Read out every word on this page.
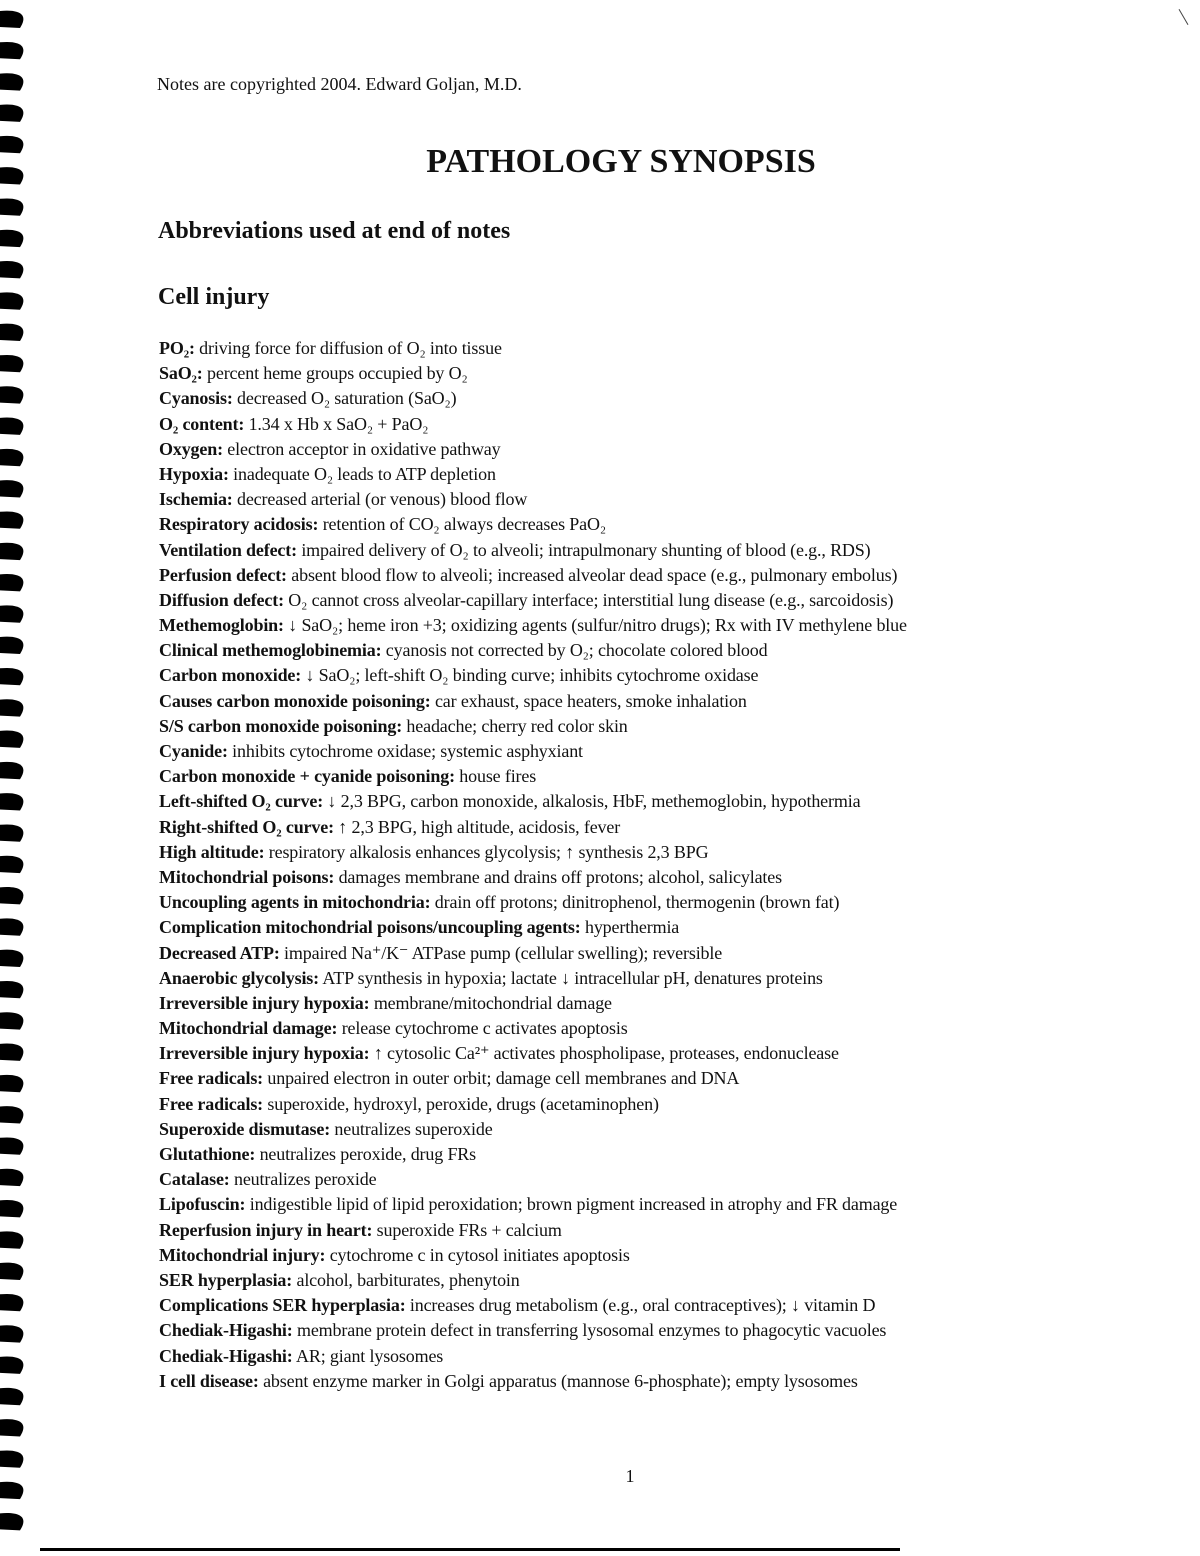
Notes are copyrighted 2004. Edward Goljan, M.D.
PATHOLOGY SYNOPSIS
Abbreviations used at end of notes
Cell injury
PO₂: driving force for diffusion of O₂ into tissue
SaO₂: percent heme groups occupied by O₂
Cyanosis: decreased O₂ saturation (SaO₂)
O₂ content: 1.34 x Hb x SaO₂ + PaO₂
Oxygen: electron acceptor in oxidative pathway
Hypoxia: inadequate O₂ leads to ATP depletion
Ischemia: decreased arterial (or venous) blood flow
Respiratory acidosis: retention of CO₂ always decreases PaO₂
Ventilation defect: impaired delivery of O₂ to alveoli; intrapulmonary shunting of blood (e.g., RDS)
Perfusion defect: absent blood flow to alveoli; increased alveolar dead space (e.g., pulmonary embolus)
Diffusion defect: O₂ cannot cross alveolar-capillary interface; interstitial lung disease (e.g., sarcoidosis)
Methemoglobin: ↓ SaO₂; heme iron +3; oxidizing agents (sulfur/nitro drugs); Rx with IV methylene blue
Clinical methemoglobinemia: cyanosis not corrected by O₂; chocolate colored blood
Carbon monoxide: ↓ SaO₂; left-shift O₂ binding curve; inhibits cytochrome oxidase
Causes carbon monoxide poisoning: car exhaust, space heaters, smoke inhalation
S/S carbon monoxide poisoning: headache; cherry red color skin
Cyanide: inhibits cytochrome oxidase; systemic asphyxiant
Carbon monoxide + cyanide poisoning: house fires
Left-shifted O₂ curve: ↓ 2,3 BPG, carbon monoxide, alkalosis, HbF, methemoglobin, hypothermia
Right-shifted O₂ curve: ↑ 2,3 BPG, high altitude, acidosis, fever
High altitude: respiratory alkalosis enhances glycolysis; ↑ synthesis 2,3 BPG
Mitochondrial poisons: damages membrane and drains off protons; alcohol, salicylates
Uncoupling agents in mitochondria: drain off protons; dinitrophenol, thermogenin (brown fat)
Complication mitochondrial poisons/uncoupling agents: hyperthermia
Decreased ATP: impaired Na⁺/K⁻ ATPase pump (cellular swelling); reversible
Anaerobic glycolysis: ATP synthesis in hypoxia; lactate ↓ intracellular pH, denatures proteins
Irreversible injury hypoxia: membrane/mitochondrial damage
Mitochondrial damage: release cytochrome c activates apoptosis
Irreversible injury hypoxia: ↑ cytosolic Ca²⁺ activates phospholipase, proteases, endonuclease
Free radicals: unpaired electron in outer orbit; damage cell membranes and DNA
Free radicals: superoxide, hydroxyl, peroxide, drugs (acetaminophen)
Superoxide dismutase: neutralizes superoxide
Glutathione: neutralizes peroxide, drug FRs
Catalase: neutralizes peroxide
Lipofuscin: indigestible lipid of lipid peroxidation; brown pigment increased in atrophy and FR damage
Reperfusion injury in heart: superoxide FRs + calcium
Mitochondrial injury: cytochrome c in cytosol initiates apoptosis
SER hyperplasia: alcohol, barbiturates, phenytoin
Complications SER hyperplasia: increases drug metabolism (e.g., oral contraceptives); ↓ vitamin D
Chediak-Higashi: membrane protein defect in transferring lysosomal enzymes to phagocytic vacuoles
Chediak-Higashi: AR; giant lysosomes
I cell disease: absent enzyme marker in Golgi apparatus (mannose 6-phosphate); empty lysosomes
1
